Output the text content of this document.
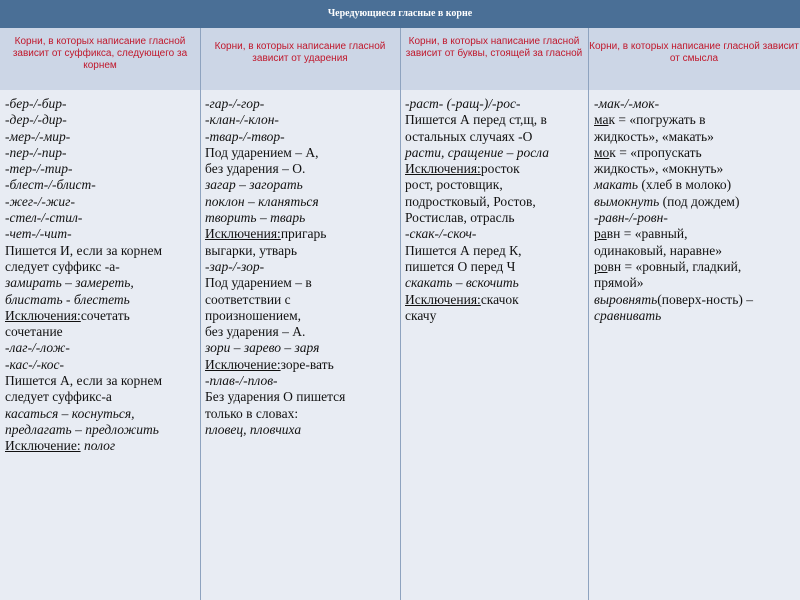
Чередующиеся гласные в корне
Корни, в которых написание гласной зависит от суффикса, следующего за корнем
Корни, в которых написание гласной зависит от ударения
Корни, в которых написание гласной зависит от буквы, стоящей за гласной
Корни, в которых написание гласной зависит от смысла
-бер-/-бир-
-дер-/-дир-
-мер-/-мир-
-пер-/-пир-
-тер-/-тир-
-блест-/-блист-
-жег-/-жиг-
-стел-/-стил-
-чет-/-чит-
Пишется И, если за корнем
следует суффикс -а-
замирать – замереть,
блистать - блестеть
Исключения:сочетать
сочетание
-лаг-/-лож-
-кас-/-кос-
Пишется А, если за корнем
следует суффикс-а
касаться – коснуться,
предлагать – предложить
Исключение: полог
-гар-/-гор-
-клан-/-клон-
-твар-/-твор-
Под ударением – А,
без ударения – О.
загар – загорать
поклон – кланяться
творить – тварь
Исключения:пригарь
выгарки, утварь
-зар-/-зор-
Под ударением – в
соответствии с
произношением,
без ударения – А.
зори – зарево – заря
Исключение:зоре-вать
-плав-/-плов-
Без ударения О пишется
только в словах:
пловец, пловчиха
-раст- (-ращ-)/-рос-
Пишется А перед ст,щ, в
остальных случаях -О
расти, сращение – росла
Исключения:росток
рост, ростовщик,
подростковый, Ростов,
Ростислав, отрасль
-скак-/-скоч-
Пишется А перед К,
пишется О перед Ч
скакать – вскочить
Исключения:скачок
скачу
-мак-/-мок-
мак = «погружать в
жидкость», «макать»
мок = «пропускать
жидкость», «мокнуть»
макать (хлеб в молоко)
вымокнуть (под дождем)
-равн-/-ровн-
равн = «равный,
одинаковый, наравне»
ровн = «ровный, гладкий,
прямой»
выровнять(поверх-ность) –
сравнивать
